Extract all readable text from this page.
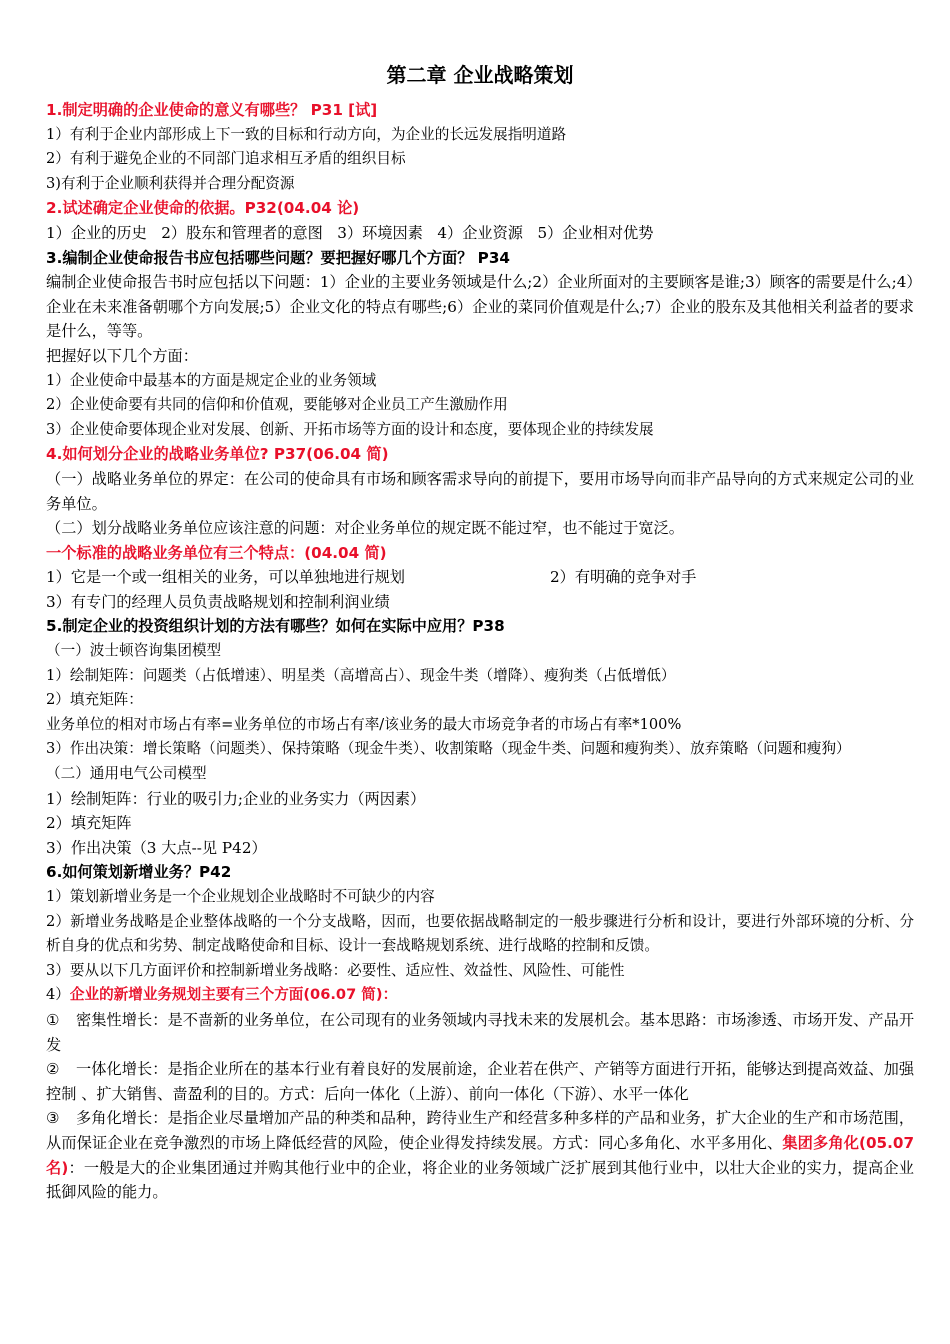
第二章 企业战略策划
1.制定明确的企业使命的意义有哪些？ P31 [试]
1）有利于企业内部形成上下一致的目标和行动方向，为企业的长远发展指明道路
2）有利于避免企业的不同部门追求相互矛盾的组织目标
3)有利于企业顺利获得并合理分配资源
2.试述确定企业使命的依据。P32(04.04 论)
1）企业的历史   2）股东和管理者的意图   3）环境因素   4）企业资源   5）企业相对优势
3.编制企业使命报告书应包括哪些问题？要把握好哪几个方面？ P34
编制企业使命报告书时应包括以下问题：1）企业的主要业务领域是什么;2）企业所面对的主要顾客是谁;3）顾客的需要是什么;4）企业在未来准备朝哪个方向发展;5）企业文化的特点有哪些;6）企业的菜同价值观是什么;7）企业的股东及其他相关利益者的要求是什么，等等。
把握好以下几个方面：
1）企业使命中最基本的方面是规定企业的业务领域
2）企业使命要有共同的信仰和价值观，要能够对企业员工产生激励作用
3）企业使命要体现企业对发展、创新、开拓市场等方面的设计和态度，要体现企业的持续发展
4.如何划分企业的战略业务单位? P37(06.04 简)
（一）战略业务单位的界定：在公司的使命具有市场和顾客需求导向的前提下，要用市场导向而非产品导向的方式来规定公司的业务单位。
（二）划分战略业务单位应该注意的问题：对企业务单位的规定既不能过窄，也不能过于宽泛。
一个标准的战略业务单位有三个特点：(04.04 简)
1）它是一个或一组相关的业务，可以单独地进行规划	2）有明确的竞争对手
3）有专门的经理人员负责战略规划和控制利润业绩
5.制定企业的投资组织计划的方法有哪些？如何在实际中应用？P38
（一）波士顿咨询集团模型
1）绘制矩阵：问题类（占低增速）、明星类（高增高占）、现金牛类（增降）、瘦狗类（占低增低）
2）填充矩阵：
业务单位的相对市场占有率=业务单位的市场占有率/该业务的最大市场竞争者的市场占有率*100%
3）作出决策：增长策略（问题类）、保持策略（现金牛类）、收割策略（现金牛类、问题和瘦狗类）、放弃策略（问题和瘦狗）
（二）通用电气公司模型
1）绘制矩阵：行业的吸引力;企业的业务实力（两因素）
2）填充矩阵
3）作出决策（3 大点--见 P42）
6.如何策划新增业务？P42
1）策划新增业务是一个企业规划企业战略时不可缺少的内容
2）新增业务战略是企业整体战略的一个分支战略，因而，也要依据战略制定的一般步骤进行分析和设计，要进行外部环境的分析、分析自身的优点和劣势、制定战略使命和目标、设计一套战略规划系统、进行战略的控制和反馈。
3）要从以下几方面评价和控制新增业务战略：必要性、适应性、效益性、风险性、可能性
4）企业的新增业务规划主要有三个方面(06.07 简)：
① 密集性增长：是不啬新的业务单位，在公司现有的业务领域内寻找未来的发展机会。基本思路：市场渗透、市场开发、产品开发
② 一体化增长：是指企业所在的基本行业有着良好的发展前途，企业若在供产、产销等方面进行开拓，能够达到提高效益、加强控制 、扩大销售、啬盈利的目的。方式：后向一体化（上游）、前向一体化（下游）、水平一体化
③ 多角化增长：是指企业尽量增加产品的种类和品种，跨待业生产和经营多种多样的产品和业务，扩大企业的生产和市场范围，从而保证企业在竞争激烈的市场上降低经营的风险，使企业得发持续发展。方式：同心多角化、水平多用化、集团多角化(05.07 名)：一般是大的企业集团通过并购其他行业中的企业，将企业的业务领域广泛扩展到其他行业中，以壮大企业的实力，提高企业抵御风险的能力。
